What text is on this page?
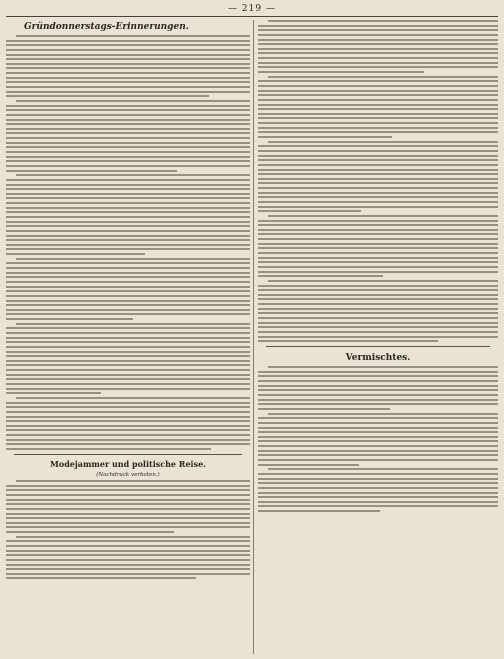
— 219 —
Gründonnerstags-Erinnerungen.
Modejammer und politische Reise.
(Nachdruck verboten.)
Vermischtes.
